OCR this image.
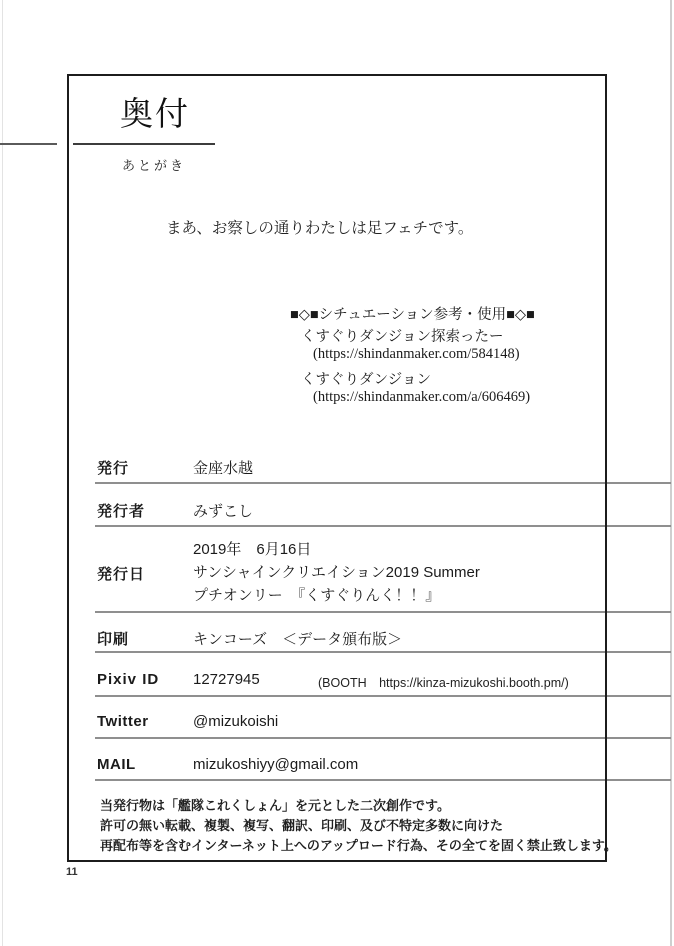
奥付
あとがき
まあ、お察しの通りわたしは足フェチです。
■◇■シチュエーション参考・使用■◇■
くすぐりダンジョン探索ったー
(https://shindanmaker.com/584148)
くすぐりダンジョン
(https://shindanmaker.com/a/606469)
発行	金座水越
発行者	みずこし
発行日
2019年　6月16日
サンシャインクリエイション2019 Summer
プチオンリー　『くすぐりんく！！』
印刷	キンコーズ　＜データ頒布版＞
Pixiv ID 12727945	(BOOTH　https://kinza-mizukoshi.booth.pm/)
Twitter	@mizukoishi
MAIL	mizukoshiyy@gmail.com
当発行物は「艦隊これくしょん」を元とした二次創作です。
許可の無い転載、複製、複写、翻訳、印刷、及び不特定多数に向けた
再配布等を含むインターネット上へのアップロード行為、その全てを固く禁止致します。
11
